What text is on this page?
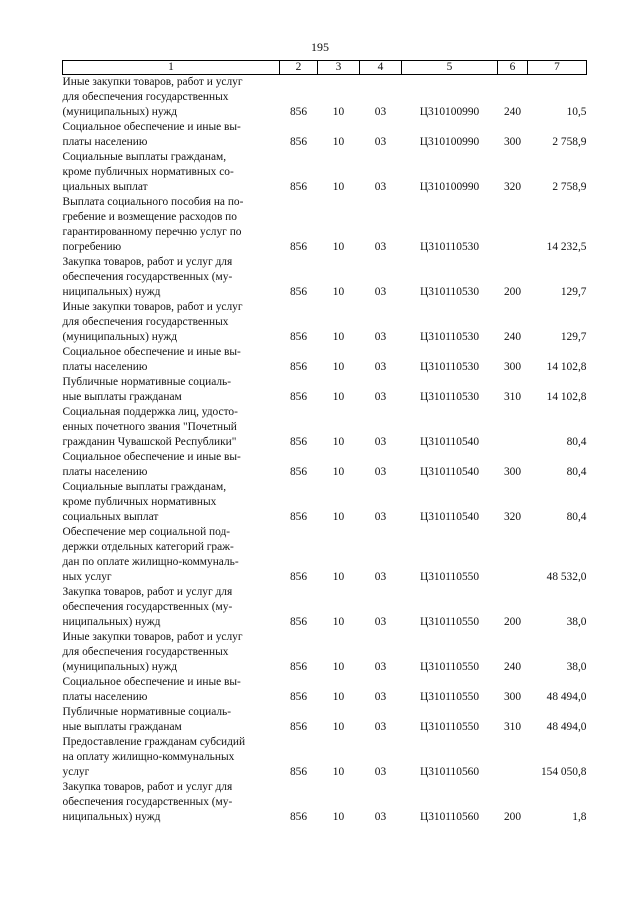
195
1	2	3	4	5	6	7

Иные закупки товаров, работ и услуг
для обеспечения государственных
(муниципальных) нужд	856	10	03	Ц310100990	240	10,5

Социальное обеспечение и иные вы-
платы населению	856	10	03	Ц310100990	300	2 758,9

Социальные выплаты гражданам,
кроме публичных нормативных со-
циальных выплат	856	10	03	Ц310100990	320	2 758,9

Выплата социального пособия на по-
гребение и возмещение расходов по
гарантированному перечню услуг по
погребению	856	10	03	Ц310110530		14 232,5

Закупка товаров, работ и услуг для
обеспечения государственных (му-
ниципальных) нужд	856	10	03	Ц310110530	200	129,7

Иные закупки товаров, работ и услуг
для обеспечения государственных
(муниципальных) нужд	856	10	03	Ц310110530	240	129,7

Социальное обеспечение и иные вы-
платы населению	856	10	03	Ц310110530	300	14 102,8

Публичные нормативные социаль-
ные выплаты гражданам	856	10	03	Ц310110530	310	14 102,8

Социальная поддержка лиц, удосто-
енных почетного звания "Почетный
гражданин Чувашской Республики"	856	10	03	Ц310110540		80,4

Социальное обеспечение и иные вы-
платы населению	856	10	03	Ц310110540	300	80,4

Социальные выплаты гражданам,
кроме публичных нормативных
социальных выплат	856	10	03	Ц310110540	320	80,4

Обеспечение мер социальной под-
держки отдельных категорий граж-
дан по оплате жилищно-коммуналь-
ных услуг	856	10	03	Ц310110550		48 532,0

Закупка товаров, работ и услуг для
обеспечения государственных (му-
ниципальных) нужд	856	10	03	Ц310110550	200	38,0

Иные закупки товаров, работ и услуг
для обеспечения государственных
(муниципальных) нужд	856	10	03	Ц310110550	240	38,0

Социальное обеспечение и иные вы-
платы населению	856	10	03	Ц310110550	300	48 494,0

Публичные нормативные социаль-
ные выплаты гражданам	856	10	03	Ц310110550	310	48 494,0

Предоставление гражданам субсидий
на оплату жилищно-коммунальных
услуг	856	10	03	Ц310110560		154 050,8

Закупка товаров, работ и услуг для
обеспечения государственных (му-
ниципальных) нужд	856	10	03	Ц310110560	200	1,8
